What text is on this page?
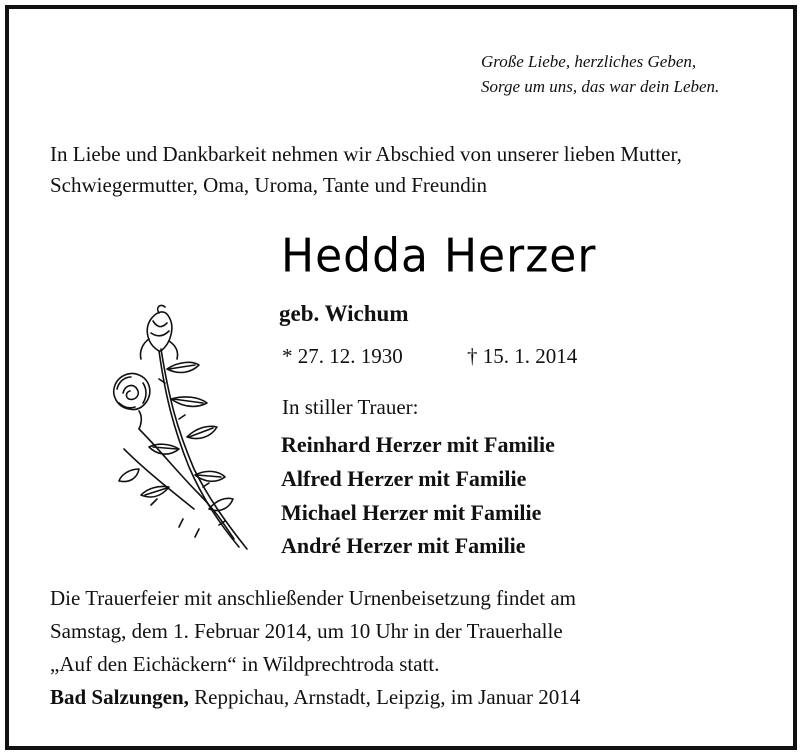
Große Liebe, herzliches Geben,
Sorge um uns, das war dein Leben.
In Liebe und Dankbarkeit nehmen wir Abschied von unserer lieben Mutter,
Schwiegermutter, Oma, Uroma, Tante und Freundin
Hedda Herzer
geb. Wichum
* 27. 12. 1930	† 15. 1. 2014
In stiller Trauer:
Reinhard Herzer mit Familie
Alfred Herzer mit Familie
Michael Herzer mit Familie
André Herzer mit Familie
Die Trauerfeier mit anschließender Urnenbeisetzung findet am
Samstag, dem 1. Februar 2014, um 10 Uhr in der Trauerhalle
„Auf den Eichäckern“ in Wildprechtroda statt.
Bad Salzungen, Reppichau, Arnstadt, Leipzig, im Januar 2014
